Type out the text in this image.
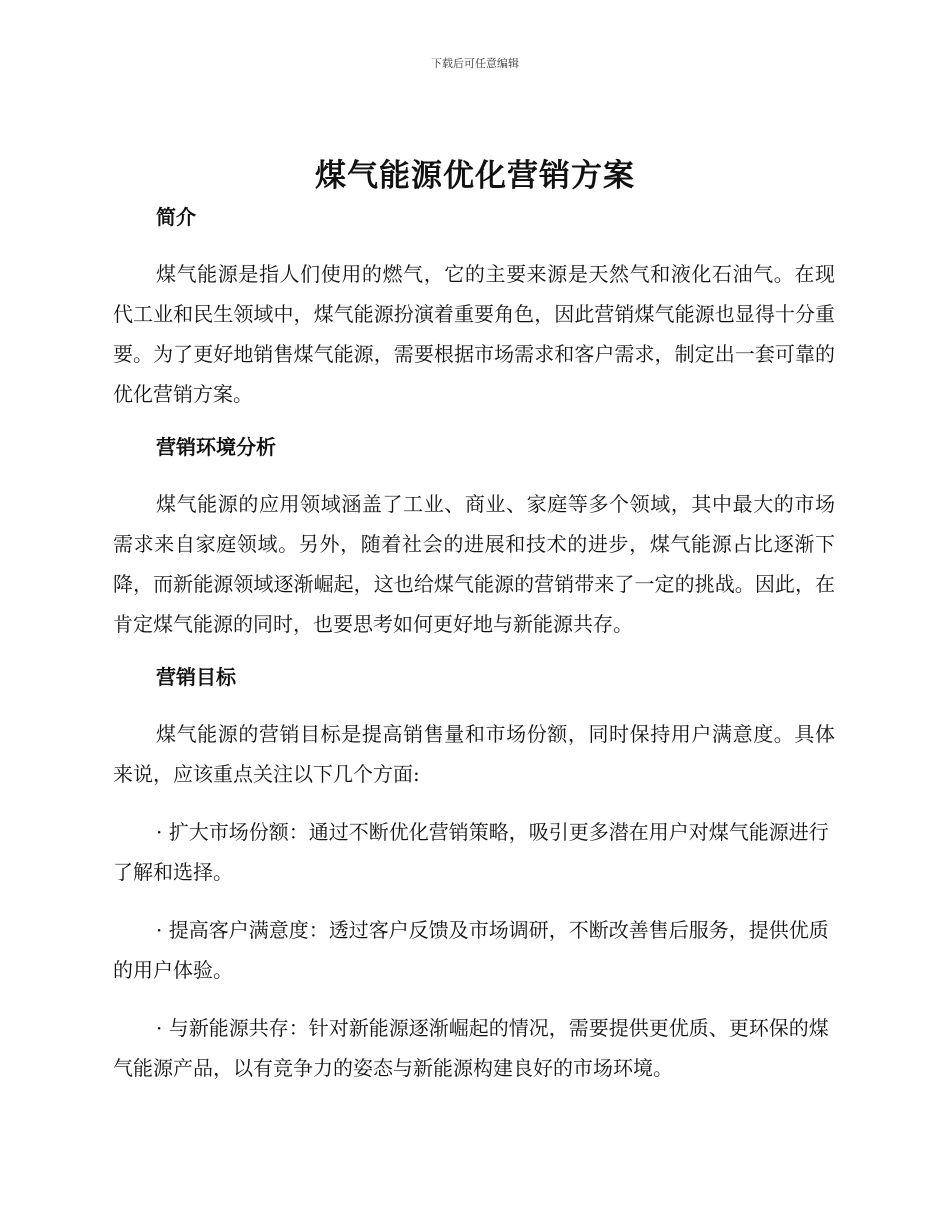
下载后可任意编辑
煤气能源优化营销方案
简介

煤气能源是指人们使用的燃气，它的主要来源是天然气和液化石油气。在现代工业和民生领域中，煤气能源扮演着重要角色，因此营销煤气能源也显得十分重要。为了更好地销售煤气能源，需要根据市场需求和客户需求，制定出一套可靠的优化营销方案。

营销环境分析

煤气能源的应用领域涵盖了工业、商业、家庭等多个领域，其中最大的市场需求来自家庭领域。另外，随着社会的进展和技术的进步，煤气能源占比逐渐下降，而新能源领域逐渐崛起，这也给煤气能源的营销带来了一定的挑战。因此，在肯定煤气能源的同时，也要思考如何更好地与新能源共存。

营销目标

煤气能源的营销目标是提高销售量和市场份额，同时保持用户满意度。具体来说，应该重点关注以下几个方面:

· 扩大市场份额：通过不断优化营销策略，吸引更多潜在用户对煤气能源进行了解和选择。

· 提高客户满意度：透过客户反馈及市场调研，不断改善售后服务，提供优质的用户体验。

· 与新能源共存：针对新能源逐渐崛起的情况，需要提供更优质、更环保的煤气能源产品，以有竞争力的姿态与新能源构建良好的市场环境。
